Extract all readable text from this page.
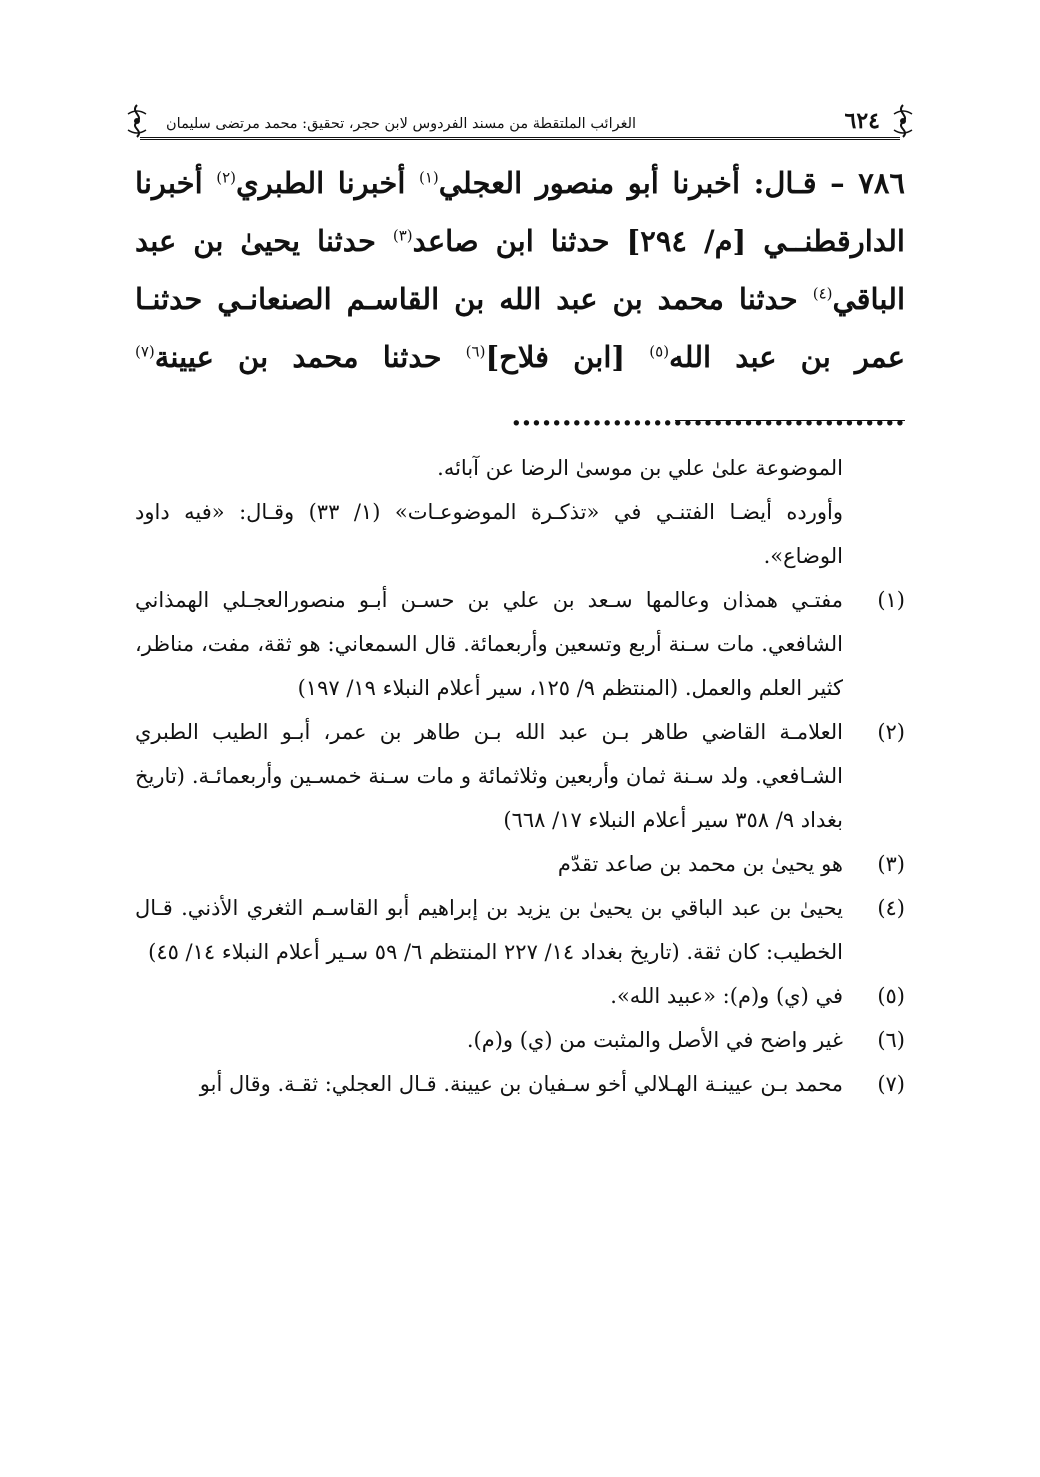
٦٢٤
الغرائب الملتقطة من مسند الفردوس لابن حجر، تحقيق: محمد مرتضى سليمان

٧٨٦ – قـال: أخبرنا أبو منصور العجلي$^{(١)}$ أخبرنا الطبري$^{(٢)}$ أخبرنا الدارقطنــي [م/ ٢٩٤] حدثنا ابن صاعد$^{(٣)}$ حدثنا يحيىٰ بن عبد الباقي$^{(٤)}$ حدثنا محمد بن عبد الله بن القاسـم الصنعانـي حدثنـا عمر بن عبد الله$^{(٥)}$ [ابن فلاح]$^{(٦)}$ حدثنا محمد بن عيينة$^{(٧)}$ .......................................

الموضوعة علىٰ علي بن موسىٰ الرضا عن آبائه.

وأورده أيضـا الفتنـي في «تذكـرة الموضوعـات» (١/ ٣٣) وقـال: «فيه داود الوضاع».

(١)
مفتـي همذان وعالمها سـعد بن علي بن حسـن أبـو منصورالعجـلي الهمذاني الشافعي. مات سـنة أربع وتسعين وأربعمائة. قال السمعاني: هو ثقة، مفت، مناظر، كثير العلم والعمل. (المنتظم ٩/ ١٢٥، سير أعلام النبلاء ١٩/ ١٩٧)
(٢)
العلامـة القاضي طاهر بـن عبد الله بـن طاهر بن عمر، أبـو الطيب الطبري الشـافعي. ولد سـنة ثمان وأربعين وثلاثمائة و مات سـنة خمسـين وأربعمائـة. (تاريخ بغداد ٩/ ٣٥٨ سير أعلام النبلاء ١٧/ ٦٦٨)
(٣)
هو يحيىٰ بن محمد بن صاعد تقدّم
(٤)
يحيىٰ بن عبد الباقي بن يحيىٰ بن يزيد بن إبراهيم أبو القاسـم الثغري الأذني. قـال الخطيب: كان ثقة. (تاريخ بغداد ١٤/ ٢٢٧ المنتظم ٦/ ٥٩ سـير أعلام النبلاء ١٤/ ٤٥)
(٥)
في (ي) و(م): «عبيد الله».
(٦)
غير واضح في الأصل والمثبت من (ي) و(م).
(٧)
محمد بـن عيينـة الهـلالي أخو سـفيان بن عيينة. قـال العجلي: ثقـة. وقال أبو
